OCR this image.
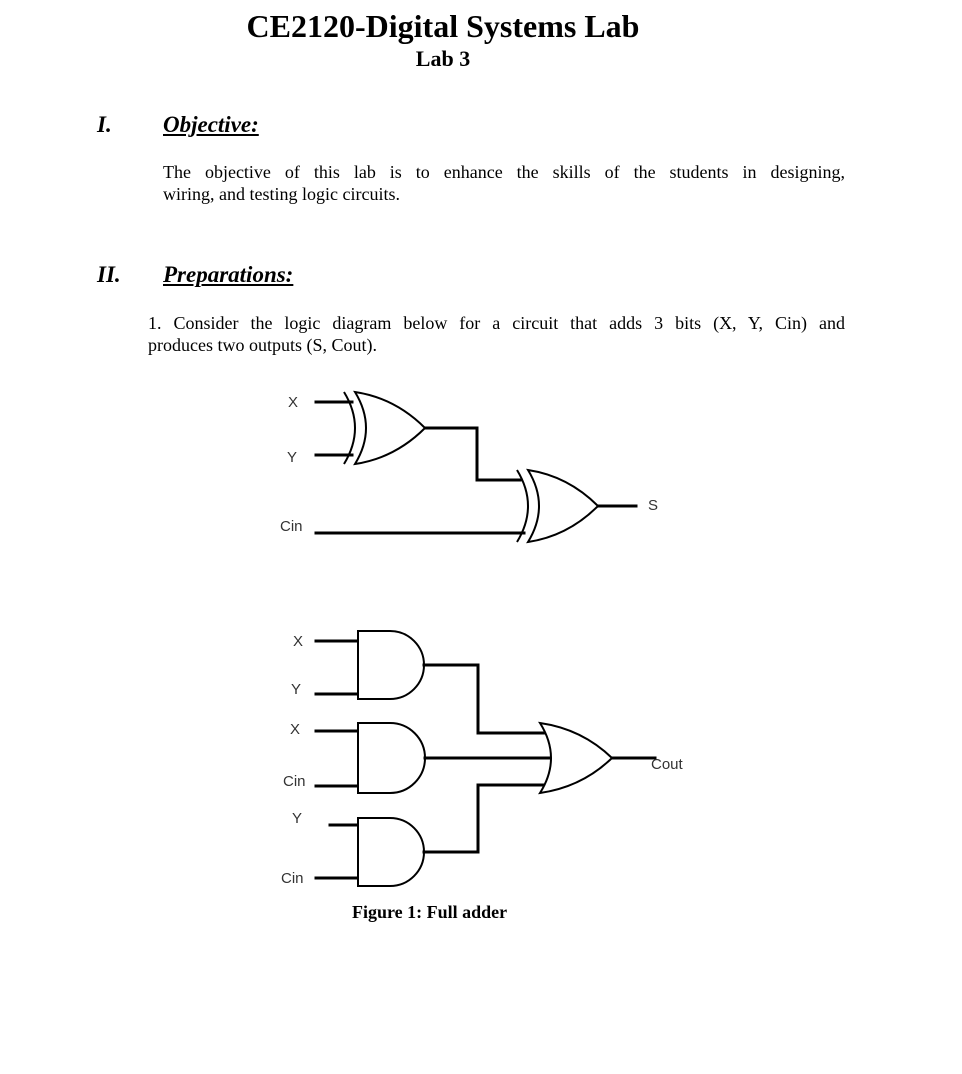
CE2120-Digital Systems Lab
Lab 3
I. Objective:
The objective of this lab is to enhance the skills of the students in designing,
wiring, and testing logic circuits.
II. Preparations:
1. Consider the logic diagram below for a circuit that adds 3 bits (X, Y, Cin) and
produces two outputs (S, Cout).
X
Y
Cin
S
X
Y
X
Cin
Y
Cin
Cout
Figure 1: Full adder
